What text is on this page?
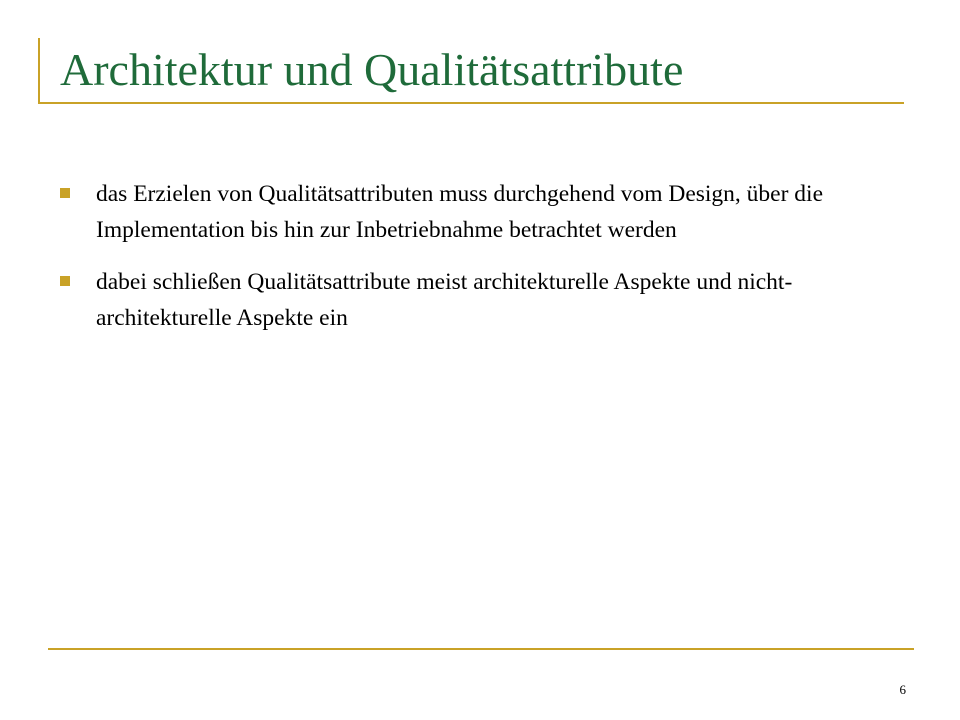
Architektur und Qualitätsattribute
das Erzielen von Qualitätsattributen muss durchgehend vom Design, über die Implementation bis hin zur Inbetriebnahme betrachtet werden
dabei schließen Qualitätsattribute meist architekturelle Aspekte und nicht-architekturelle Aspekte ein
6
